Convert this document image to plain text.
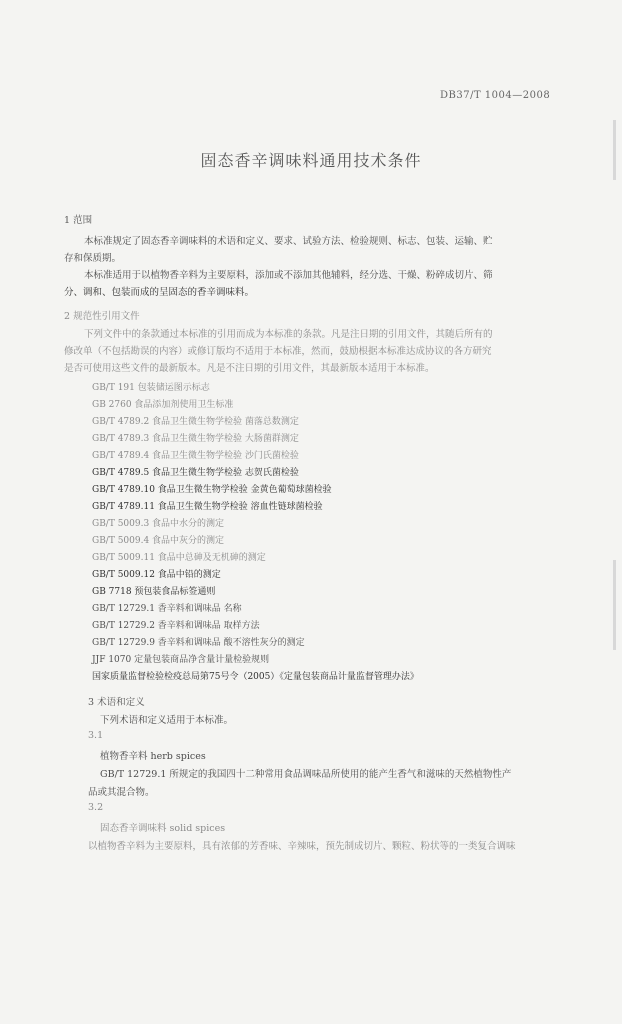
DB37/T 1004—2008
固态香辛调味料通用技术条件
1 范围
本标准规定了固态香辛调味料的术语和定义、要求、试验方法、检验规则、标志、包装、运输、贮
存和保质期。
本标准适用于以植物香辛料为主要原料，添加或不添加其他辅料，经分选、干燥、粉碎成切片、筛
分、调和、包装而成的呈固态的香辛调味料。
2 规范性引用文件
下列文件中的条款通过本标准的引用而成为本标准的条款。凡是注日期的引用文件，其随后所有的
修改单（不包括勘误的内容）或修订版均不适用于本标准，然而，鼓励根据本标准达成协议的各方研究
是否可使用这些文件的最新版本。凡是不注日期的引用文件，其最新版本适用于本标准。
GB/T 191 包装储运图示标志
GB 2760 食品添加剂使用卫生标准
GB/T 4789.2 食品卫生微生物学检验 菌落总数测定
GB/T 4789.3 食品卫生微生物学检验 大肠菌群测定
GB/T 4789.4 食品卫生微生物学检验 沙门氏菌检验
GB/T 4789.5 食品卫生微生物学检验 志贺氏菌检验
GB/T 4789.10 食品卫生微生物学检验 金黄色葡萄球菌检验
GB/T 4789.11 食品卫生微生物学检验 溶血性链球菌检验
GB/T 5009.3 食品中水分的测定
GB/T 5009.4 食品中灰分的测定
GB/T 5009.11 食品中总砷及无机砷的测定
GB/T 5009.12 食品中铅的测定
GB 7718 预包装食品标签通则
GB/T 12729.1 香辛料和调味品 名称
GB/T 12729.2 香辛料和调味品 取样方法
GB/T 12729.9 香辛料和调味品 酸不溶性灰分的测定
JJF 1070 定量包装商品净含量计量检验规则
国家质量监督检验检疫总局第75号令（2005）《定量包装商品计量监督管理办法》
3 术语和定义
下列术语和定义适用于本标准。
3.1
植物香辛料 herb spices
GB/T 12729.1 所规定的我国四十二种常用食品调味品所使用的能产生香气和滋味的天然植物性产
品或其混合物。
3.2
固态香辛调味料 solid spices
以植物香辛料为主要原料，具有浓郁的芳香味、辛辣味，预先制成切片、颗粒、粉状等的一类复合调味
